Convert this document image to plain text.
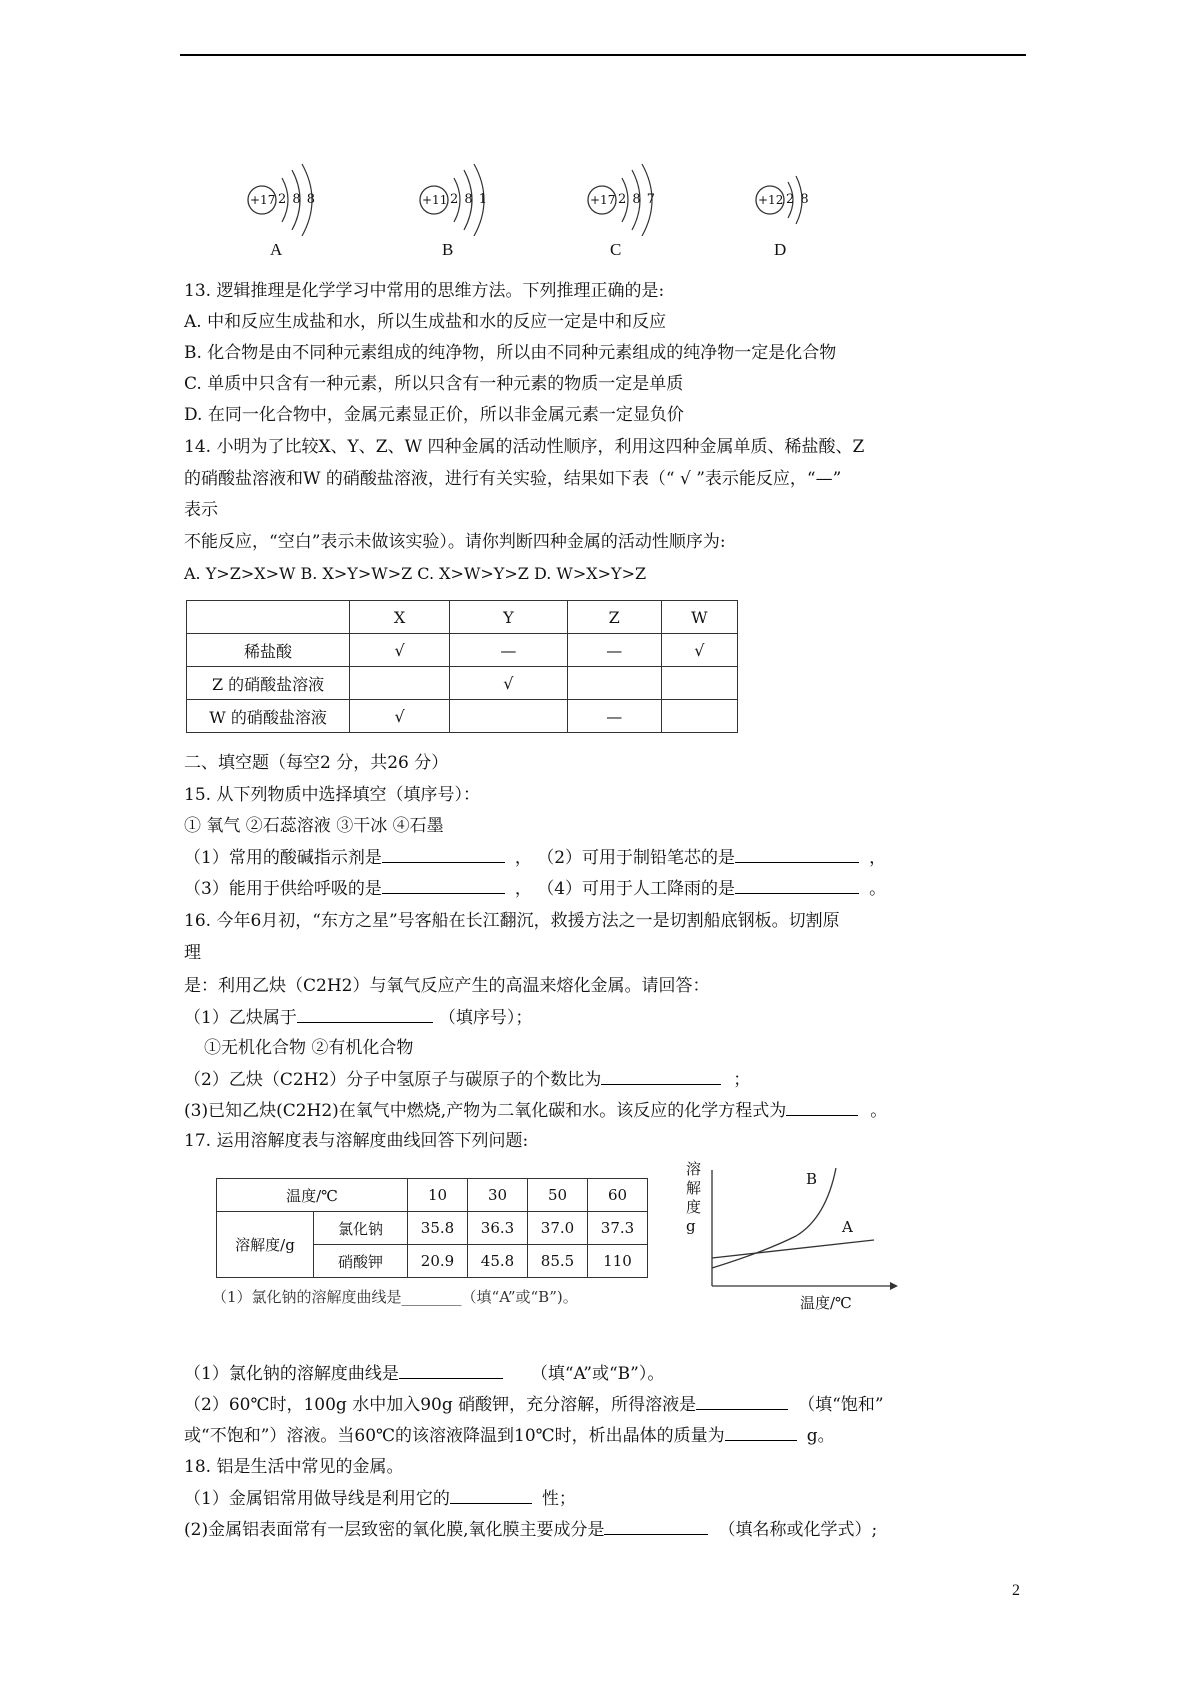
+17 2 8 8
A
+11 2 8 1
B
+17 2 8 7
C
+12 2 8
D
13. 逻辑推理是化学学习中常用的思维方法。下列推理正确的是:
A. 中和反应生成盐和水，所以生成盐和水的反应一定是中和反应
B. 化合物是由不同种元素组成的纯净物，所以由不同种元素组成的纯净物一定是化合物
C. 单质中只含有一种元素，所以只含有一种元素的物质一定是单质
D. 在同一化合物中，金属元素显正价，所以非金属元素一定显负价
14. 小明为了比较X、Y、Z、W 四种金属的活动性顺序，利用这四种金属单质、稀盐酸、Z
的硝酸盐溶液和W 的硝酸盐溶液，进行有关实验，结果如下表（“ √ ”表示能反应，“—”
表示
不能反应，“空白”表示未做该实验）。请你判断四种金属的活动性顺序为:
A. Y>Z>X>W B. X>Y>W>Z C. X>W>Y>Z D. W>X>Y>Z
	X	Y	Z	W
稀盐酸	√	—	—	√
Z 的硝酸盐溶液		√		
W 的硝酸盐溶液	√		—	
二、填空题（每空2 分，共26 分）
15. 从下列物质中选择填空（填序号）：
① 氧气 ②石蕊溶液 ③干冰 ④石墨
（1）常用的酸碱指示剂是	， （2）可用于制铅笔芯的是	，
（3）能用于供给呼吸的是	， （4）可用于人工降雨的是	。
16. 今年6月初，“东方之星”号客船在长江翻沉，救援方法之一是切割船底钢板。切割原
理
是：利用乙炔（C2H2）与氧气反应产生的高温来熔化金属。请回答：
（1）乙炔属于	（填序号）；
①无机化合物 ②有机化合物
（2）乙炔（C2H2）分子中氢原子与碳原子的个数比为	；
(3)已知乙炔(C2H2)在氧气中燃烧,产物为二氧化碳和水。该反应的化学方程式为	。
17. 运用溶解度表与溶解度曲线回答下列问题:
温度/℃		10	30	50	60
溶解度/g	氯化钠	35.8	36.3	37.0	37.3
	硝酸钾	20.9	45.8	85.5	110
（1）氯化钠的溶解度曲线是________（填“A”或“B”)。
溶解度g
B
A
温度/℃
（1）氯化钠的溶解度曲线是	（填“A”或“B”）。
（2）60℃时，100g 水中加入90g 硝酸钾，充分溶解，所得溶液是	（填“饱和”
或“不饱和”）溶液。当60℃的该溶液降温到10℃时，析出晶体的质量为	g。
18. 铝是生活中常见的金属。
（1）金属铝常用做导线是利用它的	性；
(2)金属铝表面常有一层致密的氧化膜,氧化膜主要成分是	（填名称或化学式）;
2
